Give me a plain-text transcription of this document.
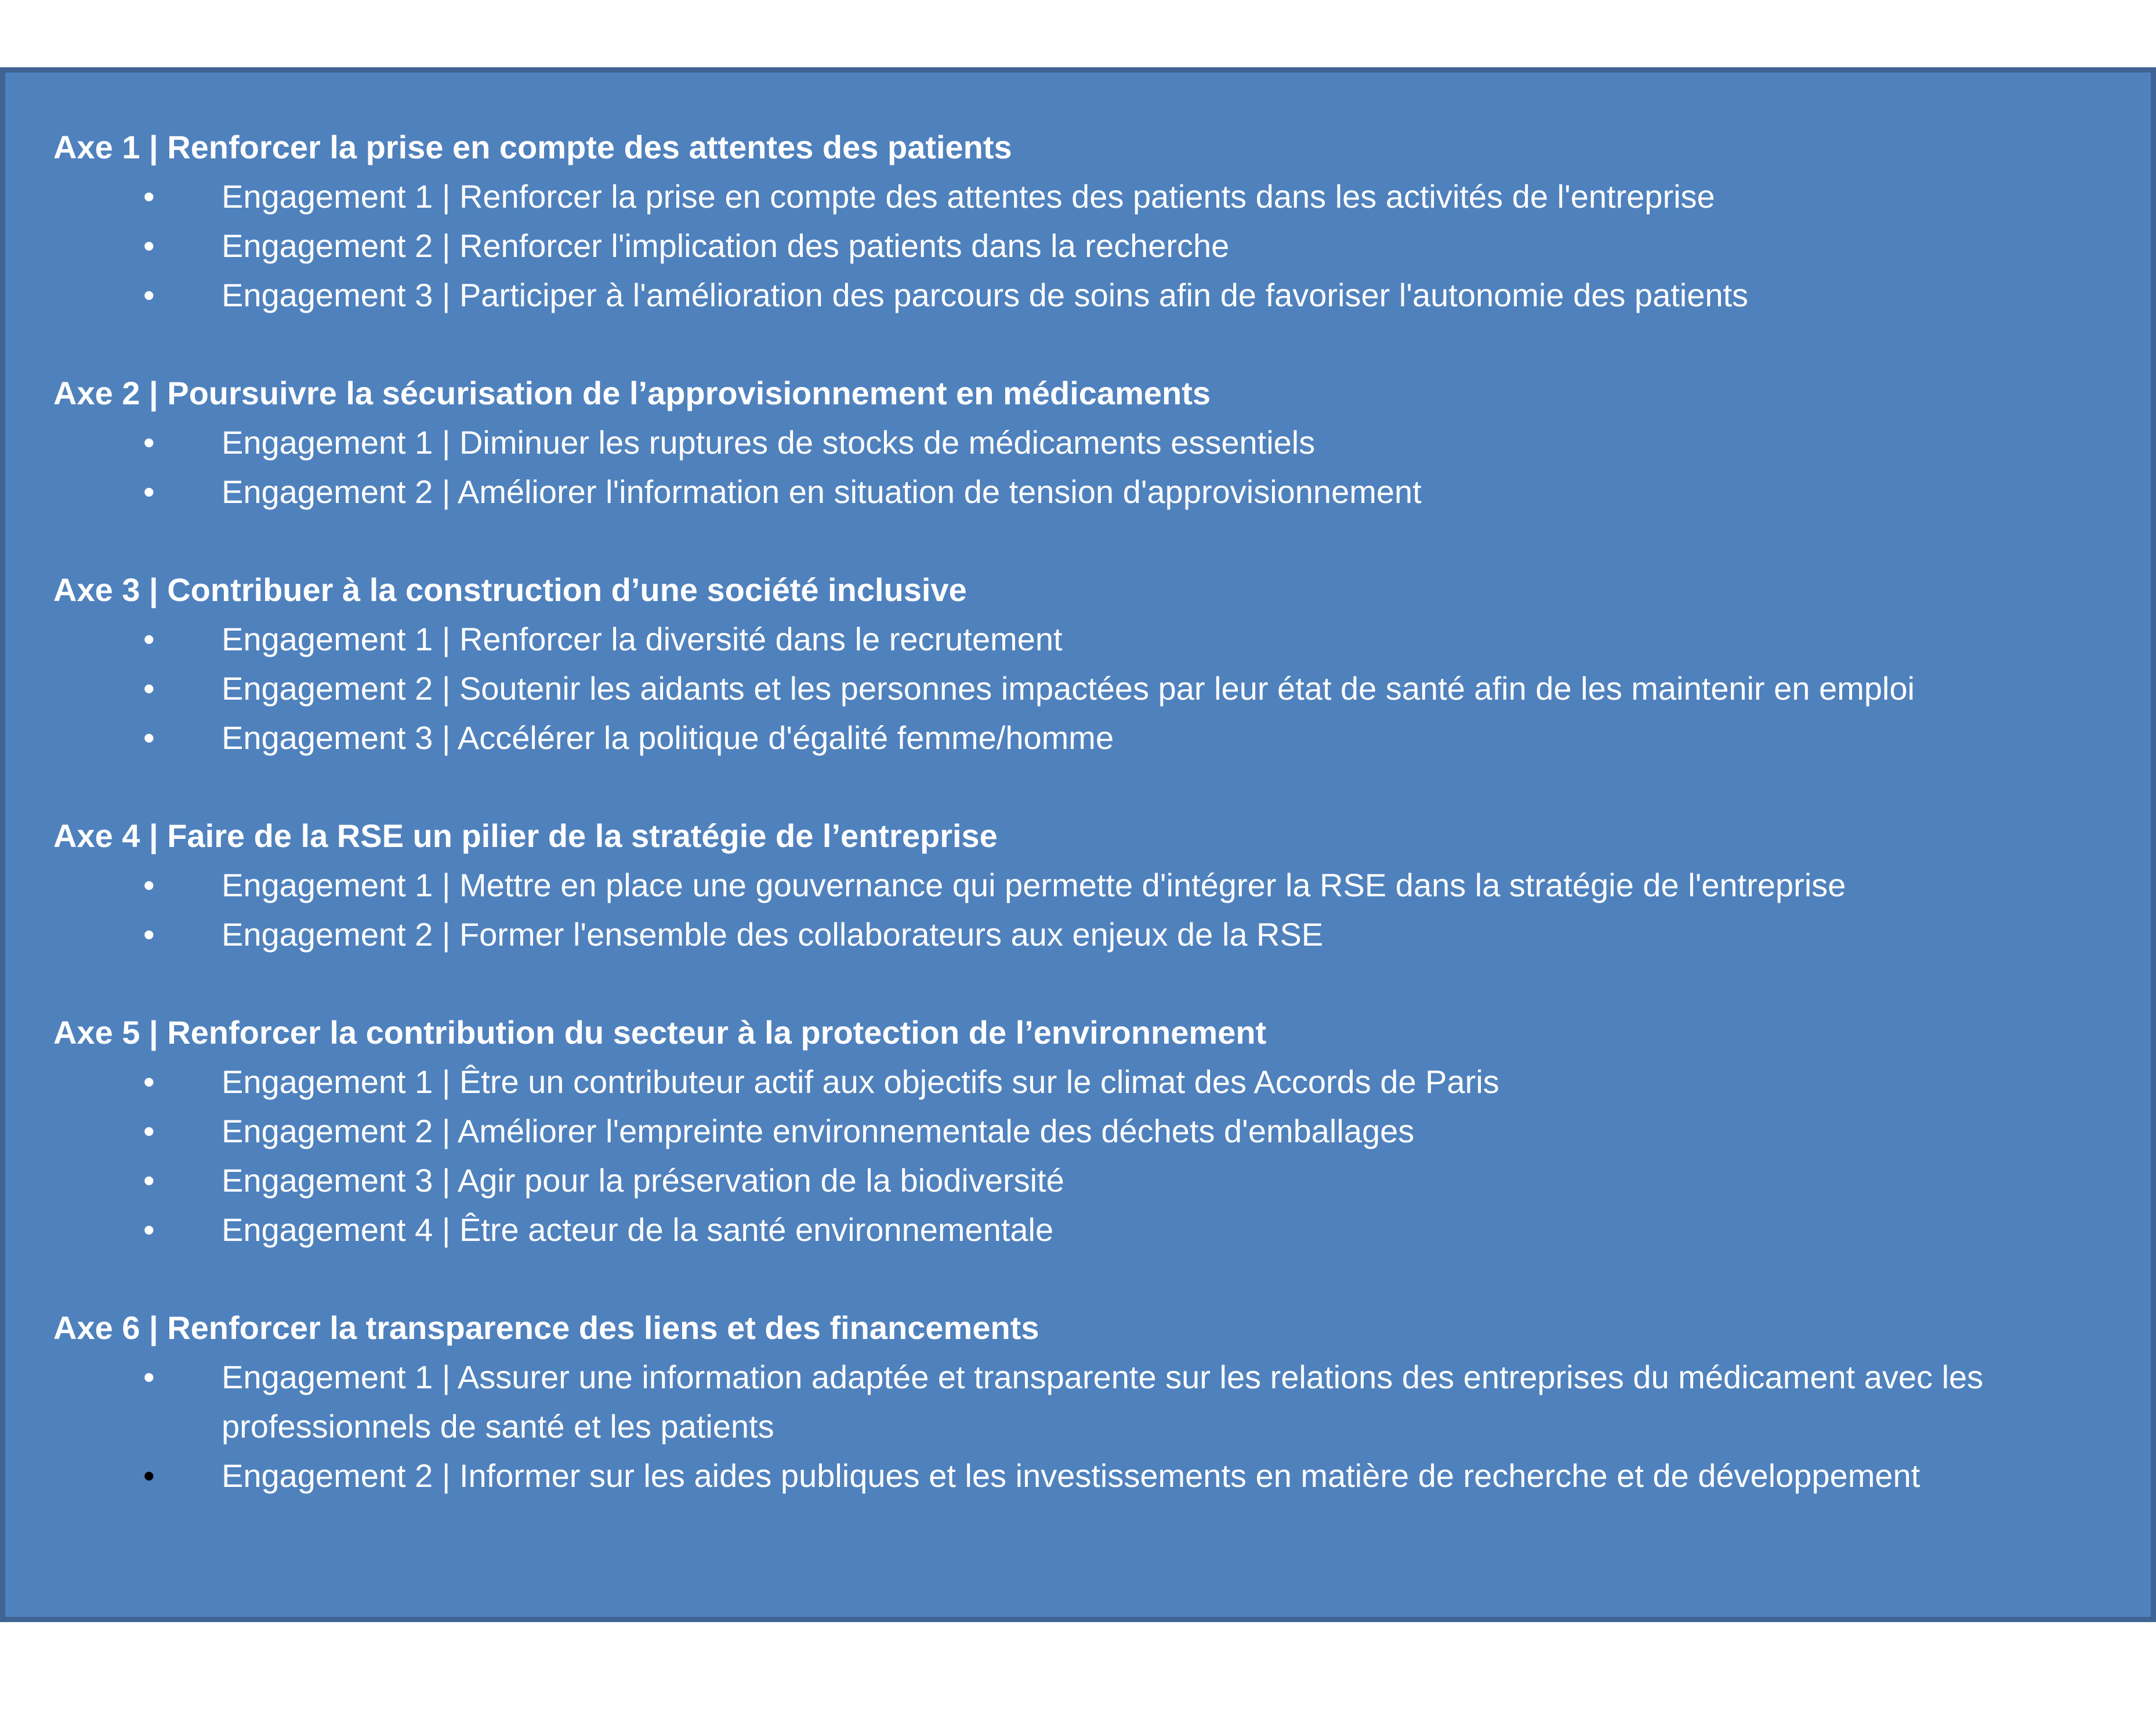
Axe 1 | Renforcer la prise en compte des attentes des patients
• Engagement 1 | Renforcer la prise en compte des attentes des patients dans les activités de l'entreprise
• Engagement 2 | Renforcer l'implication des patients dans la recherche
• Engagement 3 | Participer à l'amélioration des parcours de soins afin de favoriser l'autonomie des patients
Axe 2 | Poursuivre la sécurisation de l’approvisionnement en médicaments
• Engagement 1 | Diminuer les ruptures de stocks de médicaments essentiels
• Engagement 2 | Améliorer l'information en situation de tension d'approvisionnement
Axe 3 | Contribuer à la construction d’une société inclusive
• Engagement 1 | Renforcer la diversité dans le recrutement
• Engagement 2 | Soutenir les aidants et les personnes impactées par leur état de santé afin de les maintenir en emploi
• Engagement 3 | Accélérer la politique d'égalité femme/homme
Axe 4 | Faire de la RSE un pilier de la stratégie de l’entreprise
• Engagement 1 | Mettre en place une gouvernance qui permette d'intégrer la RSE dans la stratégie de l'entreprise
• Engagement 2 | Former l'ensemble des collaborateurs aux enjeux de la RSE
Axe 5 | Renforcer la contribution du secteur à la protection de l’environnement
• Engagement 1 | Être un contributeur actif aux objectifs sur le climat des Accords de Paris
• Engagement 2 | Améliorer l'empreinte environnementale des déchets d'emballages
• Engagement 3 | Agir pour la préservation de la biodiversité
• Engagement 4 | Être acteur de la santé environnementale
Axe 6 | Renforcer la transparence des liens et des financements
• Engagement 1 | Assurer une information adaptée et transparente sur les relations des entreprises du médicament avec les professionnels de santé et les patients
• Engagement 2 | Informer sur les aides publiques et les investissements en matière de recherche et de développement
